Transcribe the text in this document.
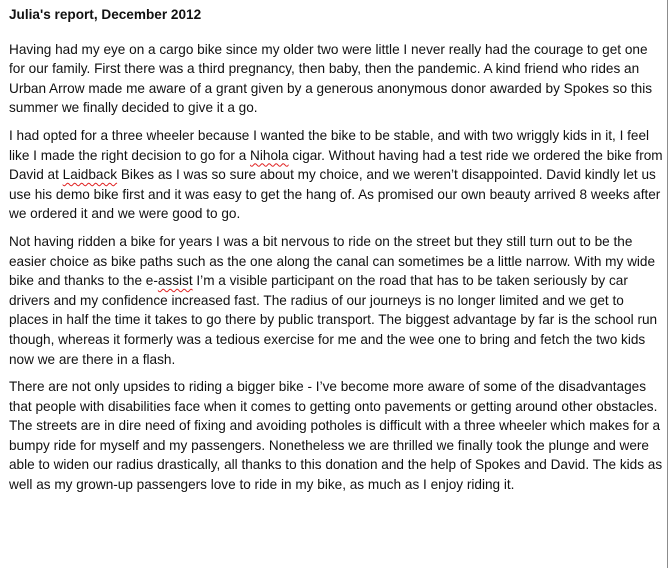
Julia's report, December 2012

Having had my eye on a cargo bike since my older two were little I never really had the courage to get one for our family. First there was a third pregnancy, then baby, then the pandemic. A kind friend who rides an Urban Arrow made me aware of a grant given by a generous anonymous donor awarded by Spokes so this summer we finally decided to give it a go.

I had opted for a three wheeler because I wanted the bike to be stable, and with two wriggly kids in it, I feel like I made the right decision to go for a Nihola cigar. Without having had a test ride we ordered the bike from David at Laidback Bikes as I was so sure about my choice, and we weren’t disappointed. David kindly let us use his demo bike first and it was easy to get the hang of. As promised our own beauty arrived 8 weeks after we ordered it and we were good to go.

Not having ridden a bike for years I was a bit nervous to ride on the street but they still turn out to be the easier choice as bike paths such as the one along the canal can sometimes be a little narrow. With my wide bike and thanks to the e-assist I’m a visible participant on the road that has to be taken seriously by car drivers and my confidence increased fast. The radius of our journeys is no longer limited and we get to places in half the time it takes to go there by public transport. The biggest advantage by far is the school run though, whereas it formerly was a tedious exercise for me and the wee one to bring and fetch the two kids now we are there in a flash.

There are not only upsides to riding a bigger bike - I’ve become more aware of some of the disadvantages that people with disabilities face when it comes to getting onto pavements or getting around other obstacles. The streets are in dire need of fixing and avoiding potholes is difficult with a three wheeler which makes for a bumpy ride for myself and my passengers. Nonetheless we are thrilled we finally took the plunge and were able to widen our radius drastically, all thanks to this donation and the help of Spokes and David. The kids as well as my grown-up passengers love to ride in my bike, as much as I enjoy riding it.
